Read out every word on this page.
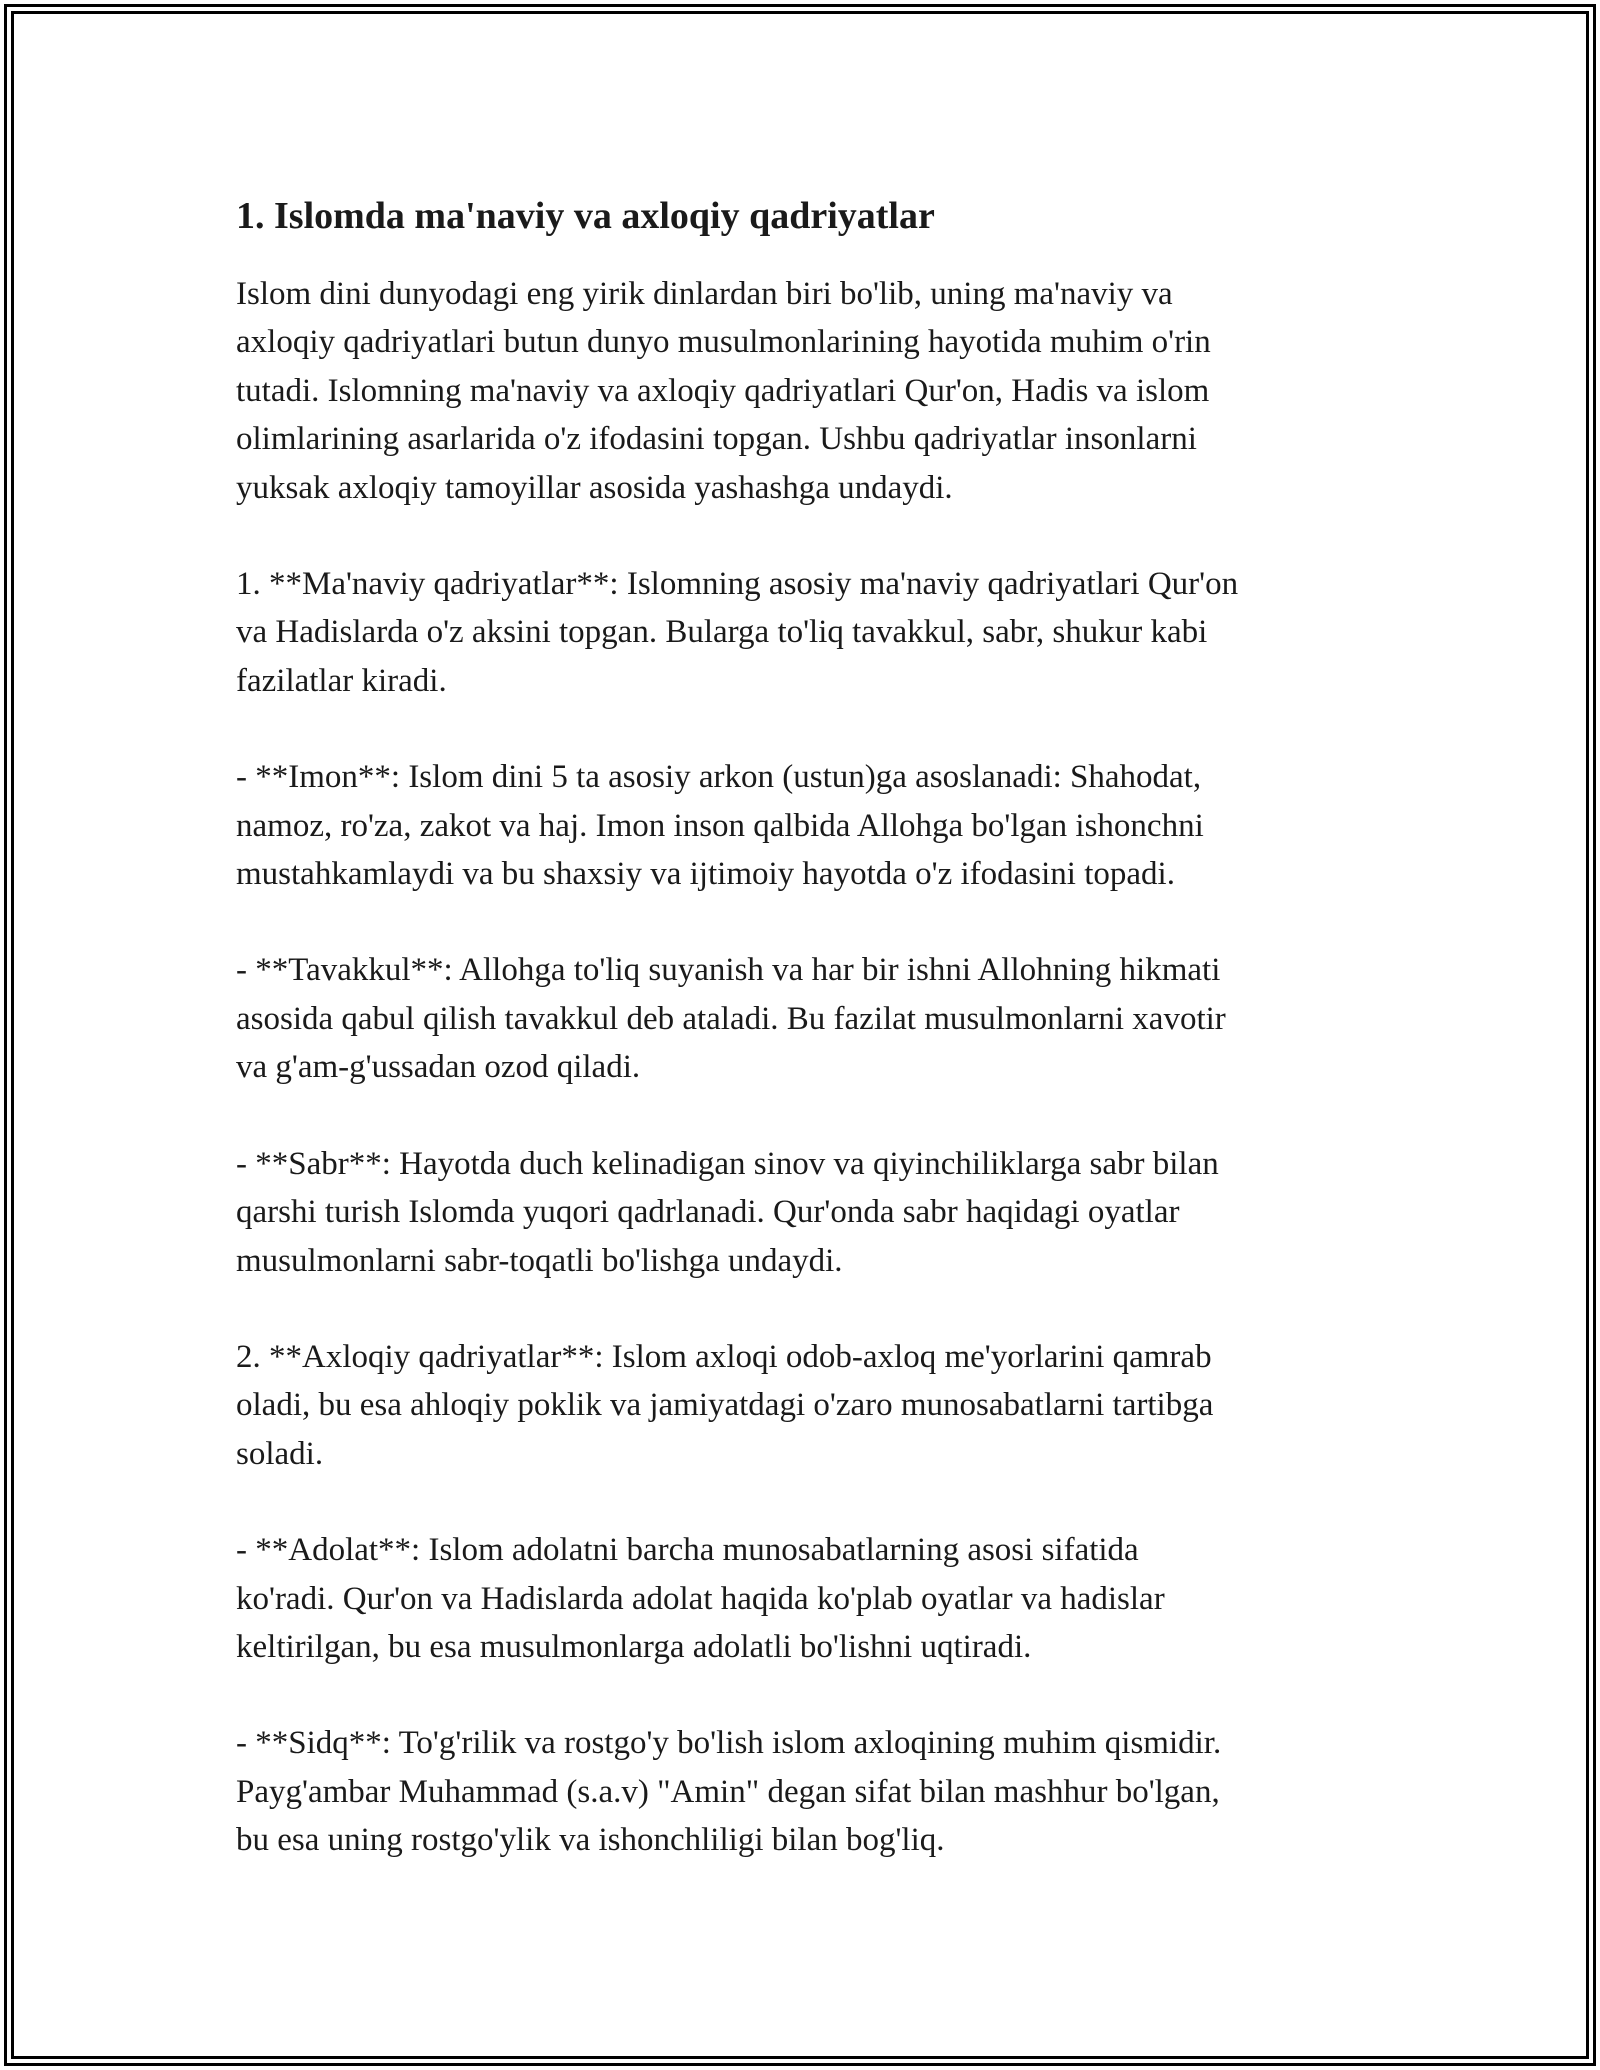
1. Islomda ma'naviy va axloqiy qadriyatlar

Islom dini dunyodagi eng yirik dinlardan biri bo'lib, uning ma'naviy va
axloqiy qadriyatlari butun dunyo musulmonlarining hayotida muhim o'rin
tutadi. Islomning ma'naviy va axloqiy qadriyatlari Qur'on, Hadis va islom
olimlarining asarlarida o'z ifodasini topgan. Ushbu qadriyatlar insonlarni
yuksak axloqiy tamoyillar asosida yashashga undaydi.

1. **Ma'naviy qadriyatlar**: Islomning asosiy ma'naviy qadriyatlari Qur'on
va Hadislarda o'z aksini topgan. Bularga to'liq tavakkul, sabr, shukur kabi
fazilatlar kiradi.

- **Imon**: Islom dini 5 ta asosiy arkon (ustun)ga asoslanadi: Shahodat,
namoz, ro'za, zakot va haj. Imon inson qalbida Allohga bo'lgan ishonchni
mustahkamlaydi va bu shaxsiy va ijtimoiy hayotda o'z ifodasini topadi.

- **Tavakkul**: Allohga to'liq suyanish va har bir ishni Allohning hikmati
asosida qabul qilish tavakkul deb ataladi. Bu fazilat musulmonlarni xavotir
va g'am-g'ussadan ozod qiladi.

- **Sabr**: Hayotda duch kelinadigan sinov va qiyinchiliklarga sabr bilan
qarshi turish Islomda yuqori qadrlanadi. Qur'onda sabr haqidagi oyatlar
musulmonlarni sabr-toqatli bo'lishga undaydi.

2. **Axloqiy qadriyatlar**: Islom axloqi odob-axloq me'yorlarini qamrab
oladi, bu esa ahloqiy poklik va jamiyatdagi o'zaro munosabatlarni tartibga
soladi.

- **Adolat**: Islom adolatni barcha munosabatlarning asosi sifatida
ko'radi. Qur'on va Hadislarda adolat haqida ko'plab oyatlar va hadislar
keltirilgan, bu esa musulmonlarga adolatli bo'lishni uqtiradi.

- **Sidq**: To'g'rilik va rostgo'y bo'lish islom axloqining muhim qismidir.
Payg'ambar Muhammad (s.a.v) "Amin" degan sifat bilan mashhur bo'lgan,
bu esa uning rostgo'ylik va ishonchliligi bilan bog'liq.
